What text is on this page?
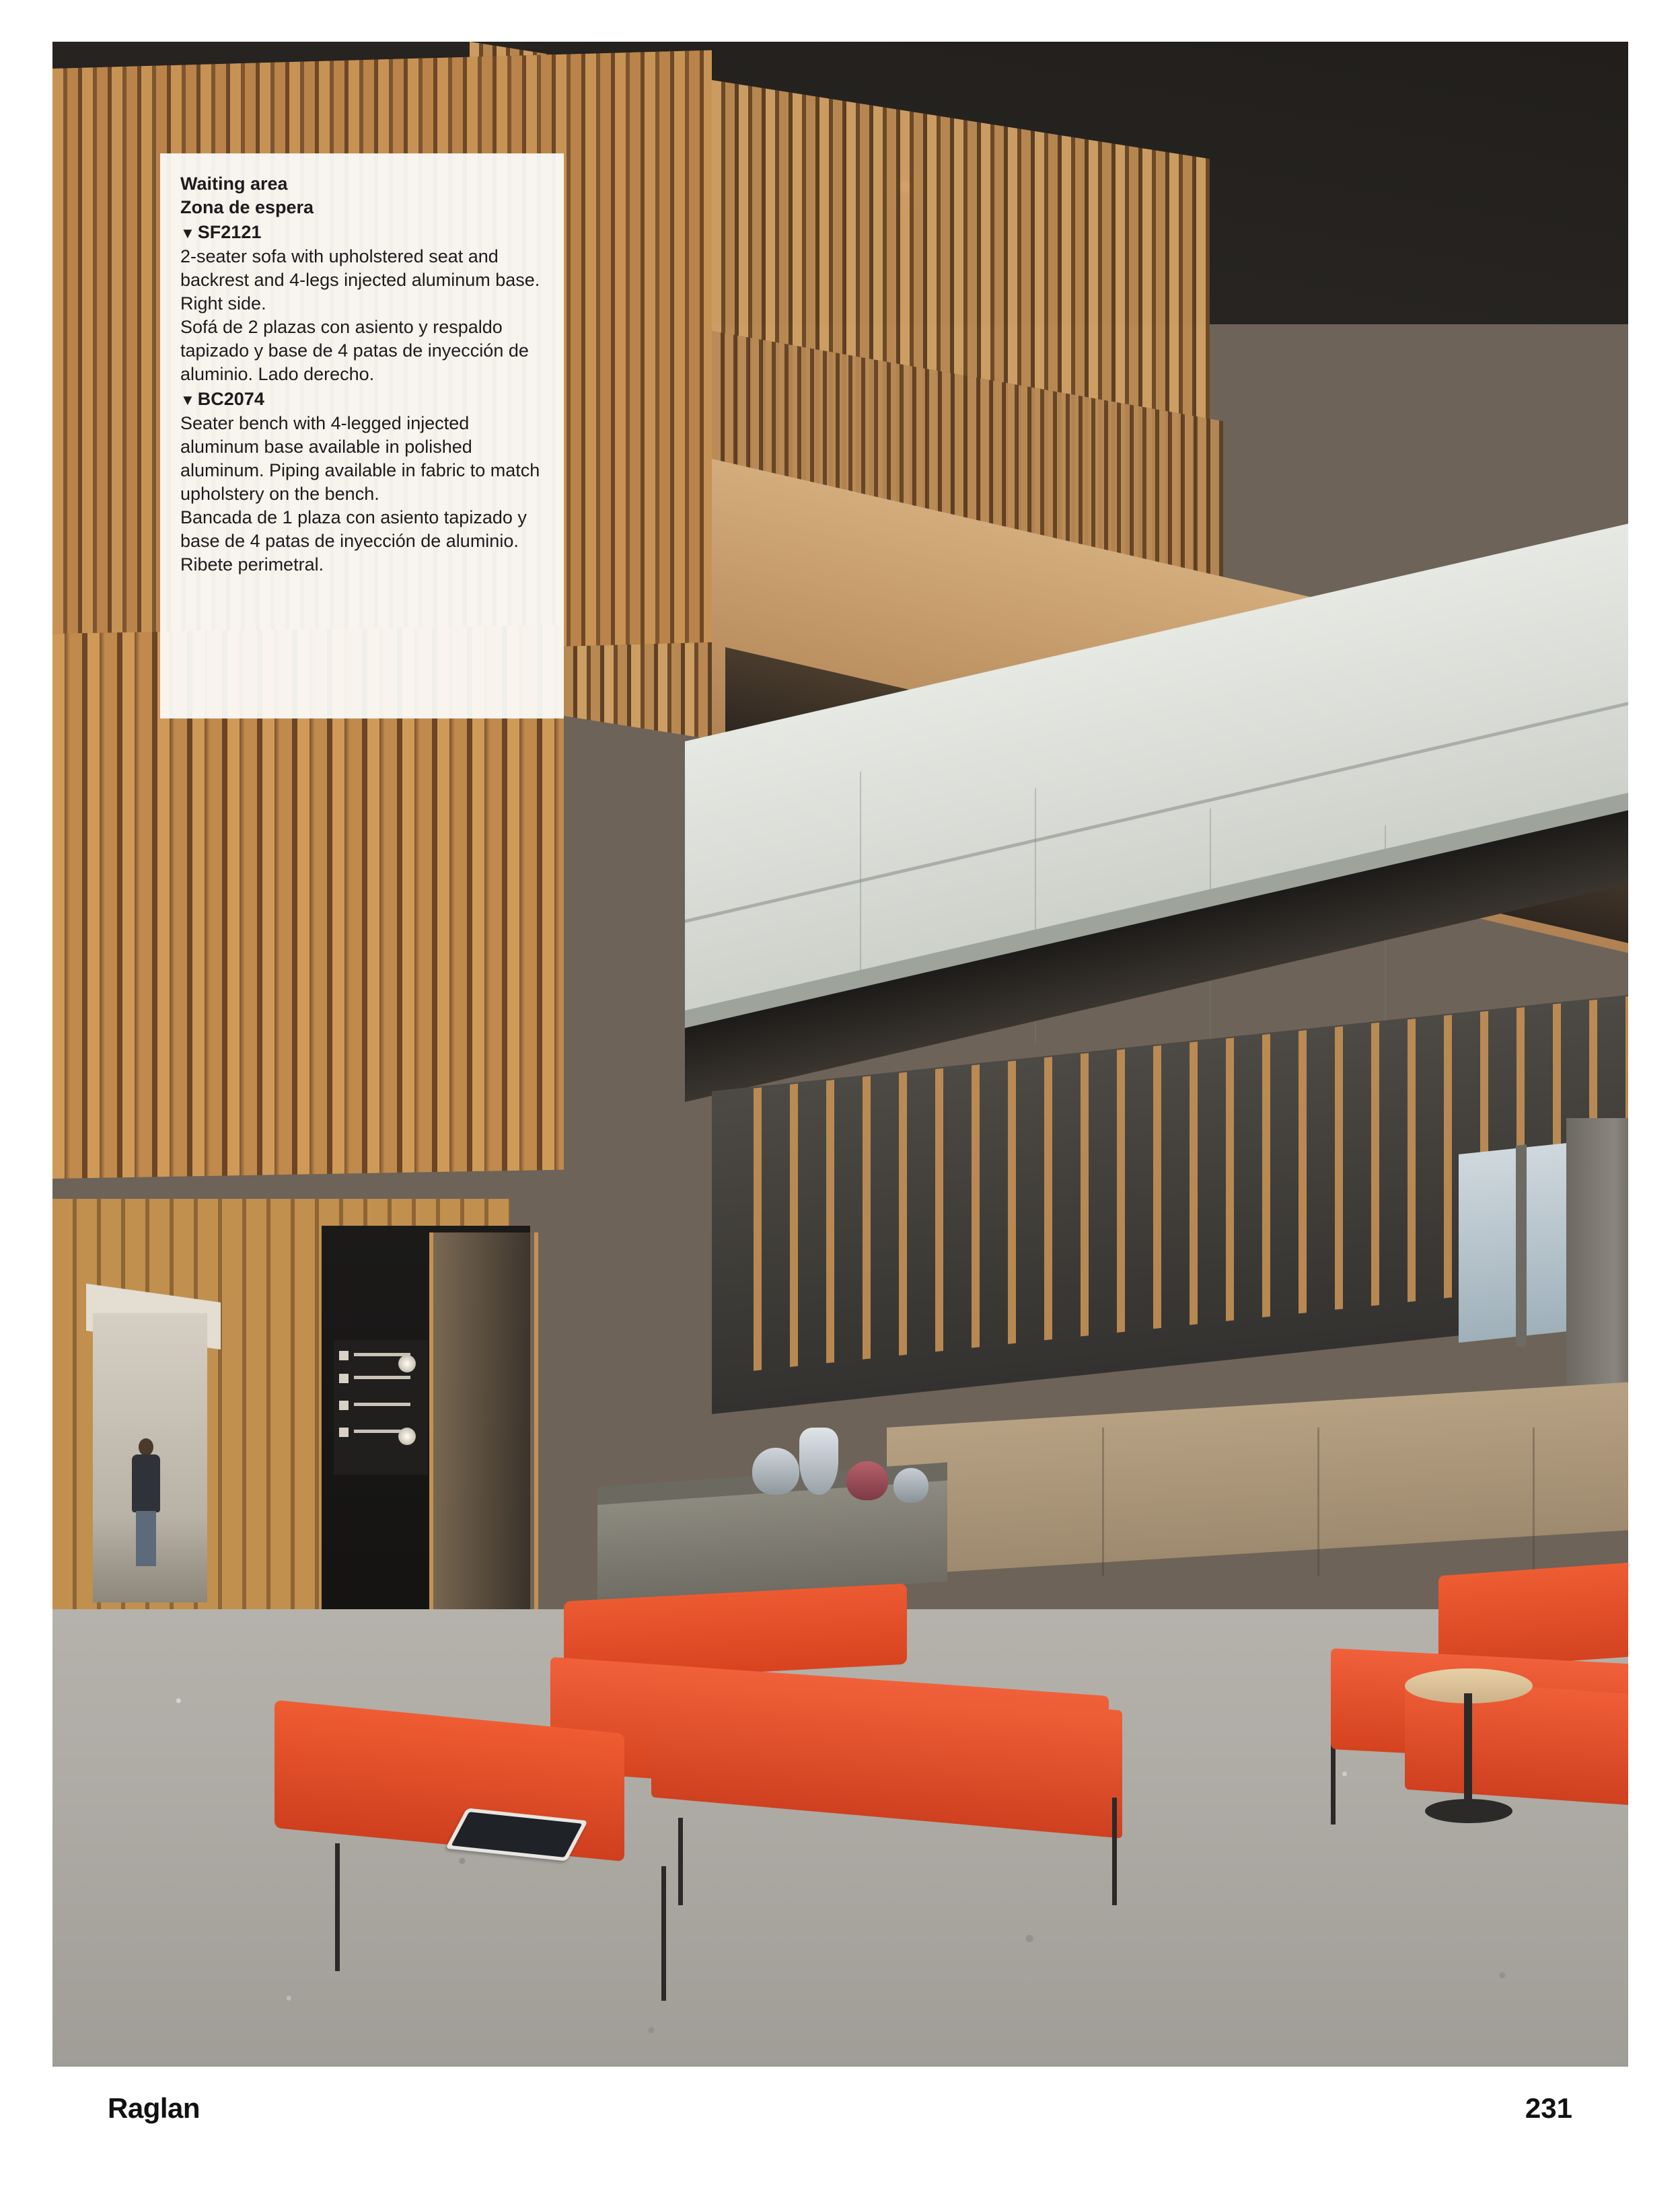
Waiting area

Zona de espera

▼ SF2121

2-seater sofa with upholstered seat and backrest and 4-legs injected aluminum base. Right side.

Sofá de 2 plazas con asiento y respaldo tapizado y base de 4 patas de inyección de aluminio. Lado derecho.

▼ BC2074

Seater bench with 4-legged injected aluminum base available in polished aluminum. Piping available in fabric to match upholstery on the bench.

Bancada de 1 plaza con asiento tapizado y base de 4 patas de inyección de aluminio. Ribete perimetral.

Raglan	231
